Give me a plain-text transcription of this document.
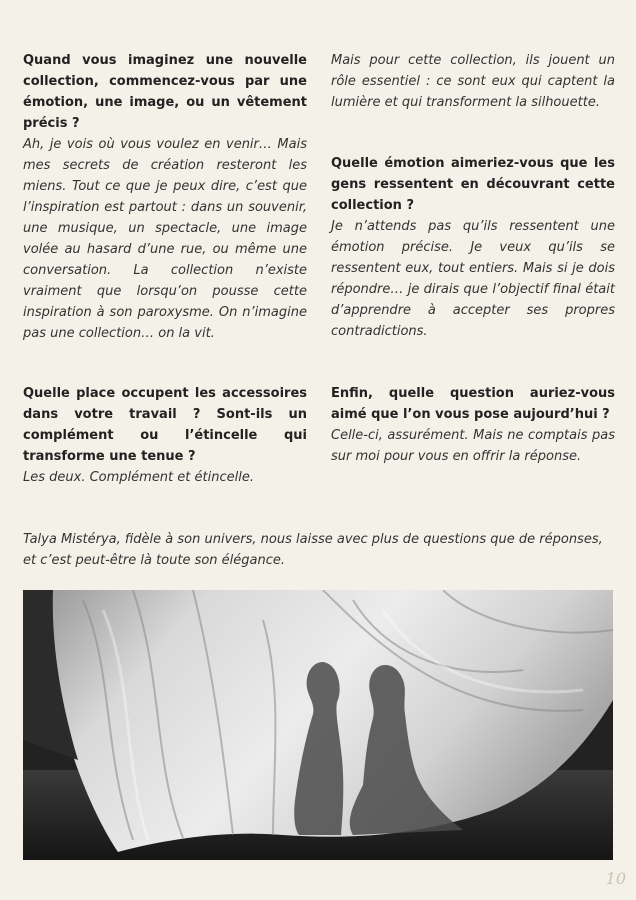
Quand vous imaginez une nouvelle collection, commencez-vous par une émotion, une image, ou un vêtement précis ?

Ah, je vois où vous voulez en venir… Mais mes secrets de création resteront les miens. Tout ce que je peux dire, c’est que l’inspiration est partout : dans un souvenir, une musique, un spectacle, une image volée au hasard d’une rue, ou même une conversation. La collection n’existe vraiment que lorsqu’on pousse cette inspiration à son paroxysme. On n’imagine pas une collection… on la vit.

Quelle place occupent les accessoires dans votre travail ? Sont-ils un complément ou l’étincelle qui transforme une tenue ?

Les deux. Complément et étincelle.

Mais pour cette collection, ils jouent un rôle essentiel : ce sont eux qui captent la lumière et qui transforment la silhouette.

Quelle émotion aimeriez-vous que les gens ressentent en découvrant cette collection ?

Je n’attends pas qu’ils ressentent une émotion précise. Je veux qu’ils se ressentent eux, tout entiers. Mais si je dois répondre… je dirais que l’objectif final était d’apprendre à accepter ses propres contradictions.

Enfin, quelle question auriez-vous aimé que l’on vous pose aujourd’hui ?

Celle-ci, assurément. Mais ne comptais pas sur moi pour vous en offrir la réponse.

Talya Mistérya, fidèle à son univers, nous laisse avec plus de questions que de réponses, et c’est peut-être là toute son élégance.

10
